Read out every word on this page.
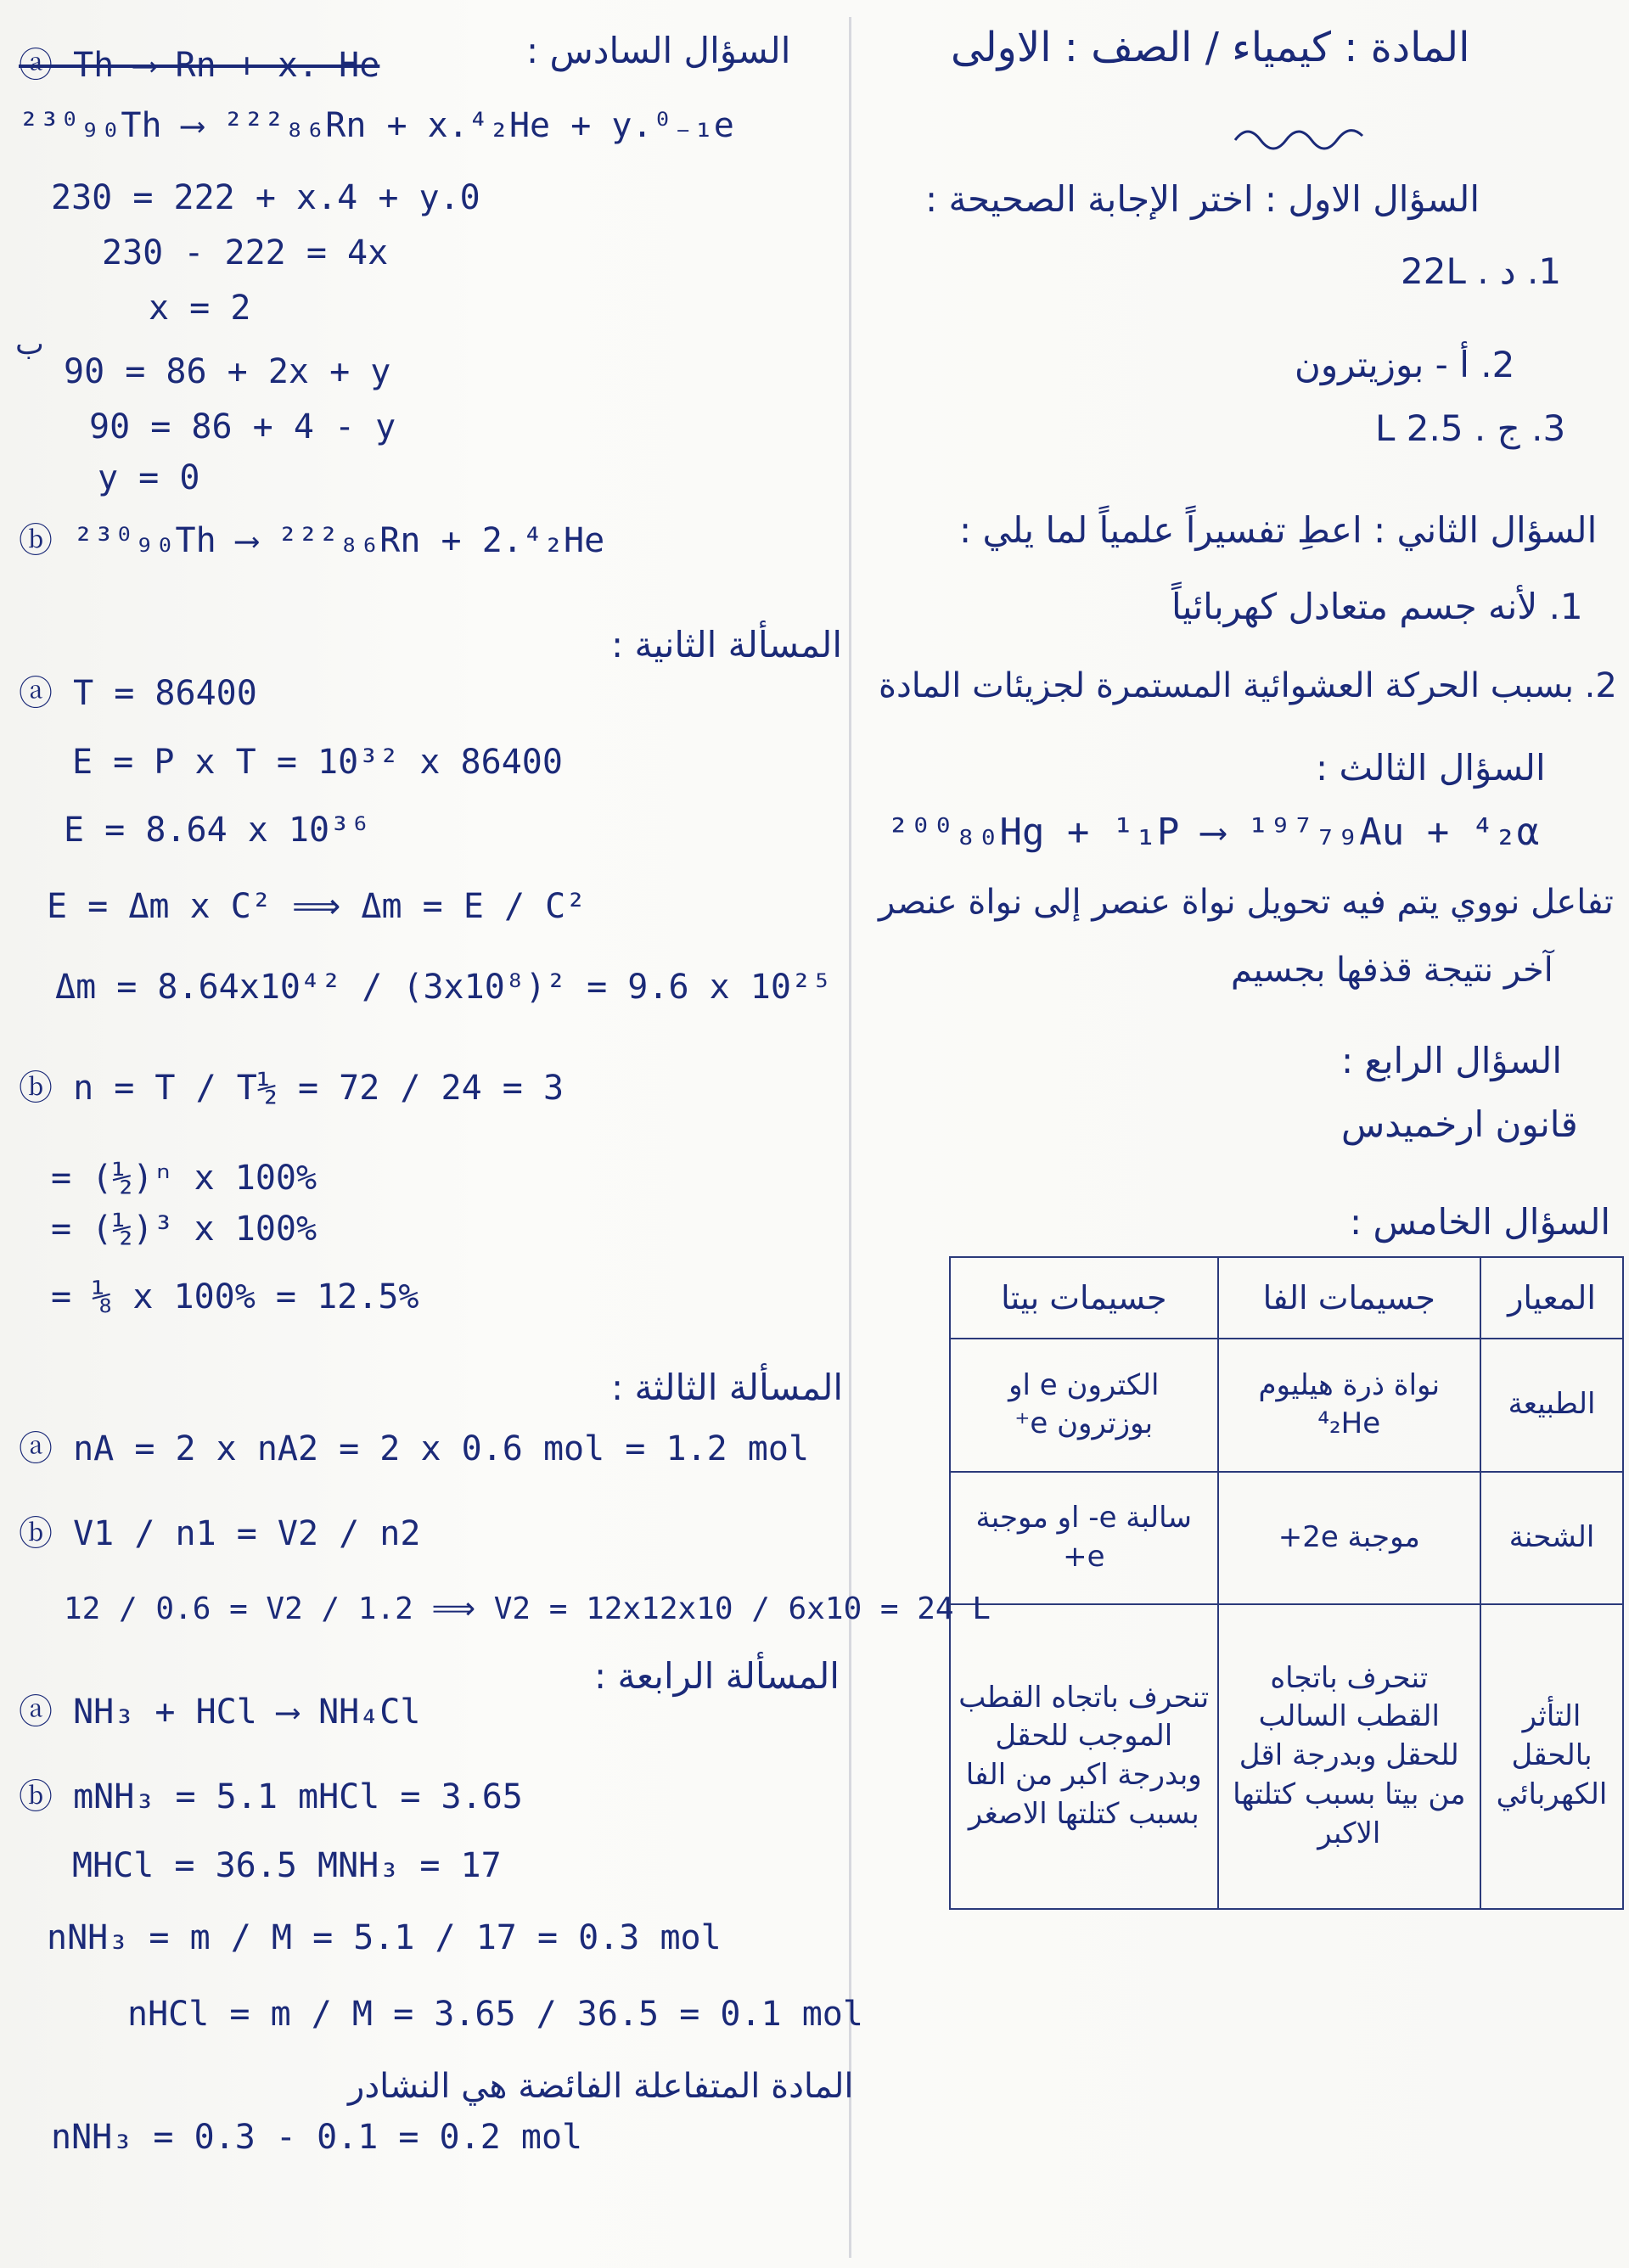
المادة : كيمياء / الصف : الاولى
السؤال الاول : اختر الإجابة الصحيحة :
1. د . 22L
2. أ - بوزيترون
3. ج . 2.5 L
السؤال الثاني : اعطِ تفسيراً علمياً لما يلي :
1. لأنه جسم متعادل كهربائياً
2. بسبب الحركة العشوائية المستمرة لجزيئات المادة
السؤال الثالث :
²⁰⁰₈₀Hg + ¹₁P ⟶ ¹⁹⁷₇₉Au + ⁴₂α
تفاعل نووي يتم فيه تحويل نواة عنصر إلى نواة عنصر
آخر نتيجة قذفها بجسيم
السؤال الرابع :
قانون ارخميدس
السؤال الخامس :
المعيار	جسيمات الفا	جسيمات بيتا
الطبيعة	نواة ذرة هيليوم ⁴₂He	الكترون e او بوزترون e⁺
الشحنة	موجبة 2e+	سالبة e- او موجبة e+
التأثر بالحقل الكهربائي	تنحرف باتجاه القطب السالب للحقل وبدرجة اقل من بيتا بسبب كتلتها الاكبر	تنحرف باتجاه القطب الموجب للحقل وبدرجة اكبر من الفا بسبب كتلتها الاصغر
السؤال السادس :
ⓐ Th ⟶ Rn + x. He
²³⁰₉₀Th ⟶ ²²²₈₆Rn + x.⁴₂He + y.⁰₋₁e
230 = 222 + x.4 + y.0
230 - 222 = 4x
x = 2
ب
90 = 86 + 2x + y
90 = 86 + 4 - y
y = 0
ⓑ ²³⁰₉₀Th ⟶ ²²²₈₆Rn + 2.⁴₂He
المسألة الثانية :
ⓐ T = 86400
E = P x T = 10³² x 86400
E = 8.64 x 10³⁶
E = Δm x C² ⟹ Δm = E / C²
Δm = 8.64x10⁴² / (3x10⁸)² = 9.6 x 10²⁵
ⓑ n = T / T½ = 72 / 24 = 3
= (½)ⁿ x 100%
= (½)³ x 100%
= ⅛ x 100% = 12.5%
المسألة الثالثة :
ⓐ nA = 2 x nA2 = 2 x 0.6 mol = 1.2 mol
ⓑ V1 / n1 = V2 / n2
12 / 0.6 = V2 / 1.2 ⟹ V2 = 12x12x10 / 6x10 = 24 L
المسألة الرابعة :
ⓐ NH₃ + HCl ⟶ NH₄Cl
ⓑ mNH₃ = 5.1 mHCl = 3.65
MHCl = 36.5 MNH₃ = 17
nNH₃ = m / M = 5.1 / 17 = 0.3 mol
nHCl = m / M = 3.65 / 36.5 = 0.1 mol
المادة المتفاعلة الفائضة هي النشادر
nNH₃ = 0.3 - 0.1 = 0.2 mol
